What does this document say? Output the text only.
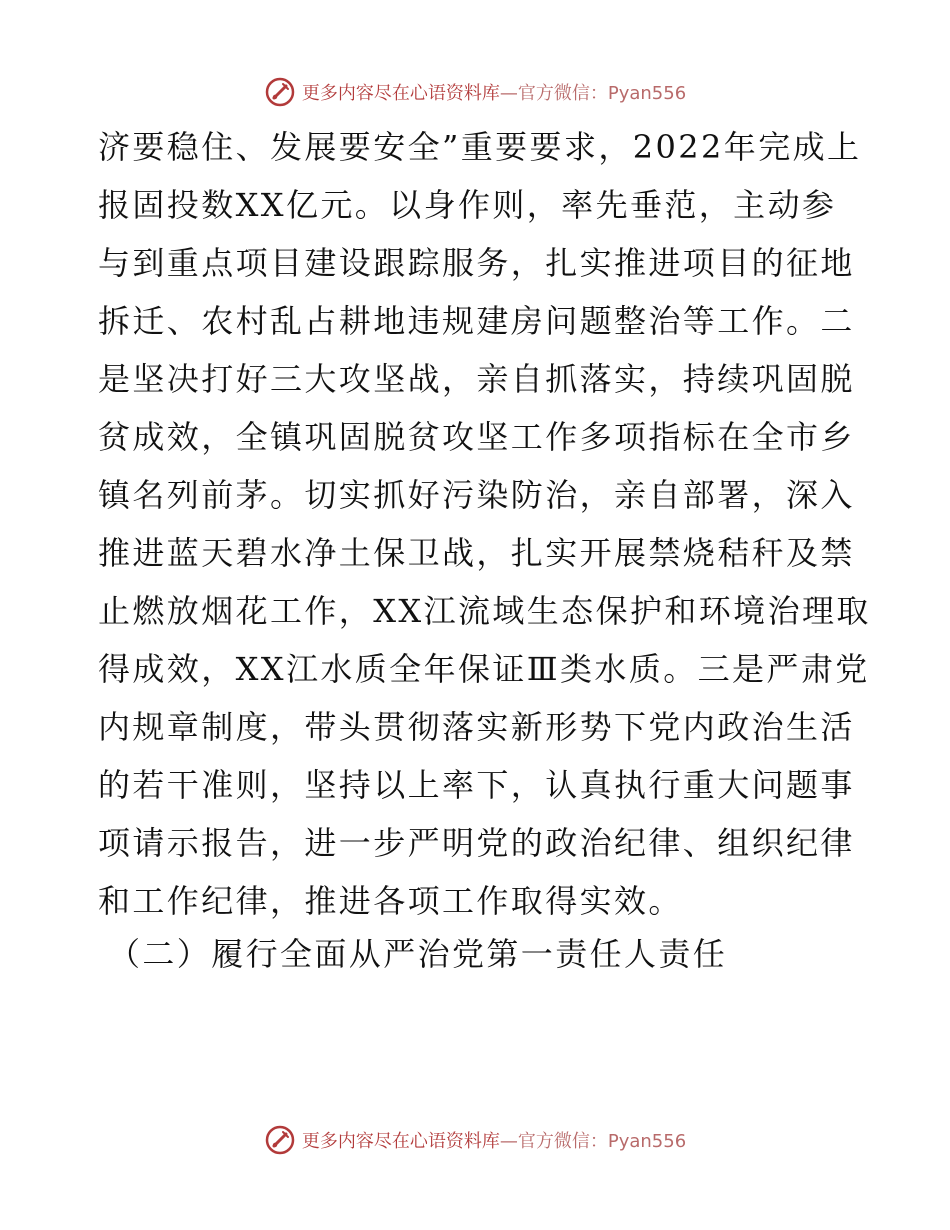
更多内容尽在心语资料库—官方微信：Pyan556
济要稳住、发展要安全”重要要求，2022年完成上
报固投数XX亿元。以身作则，率先垂范，主动参
与到重点项目建设跟踪服务，扎实推进项目的征地
拆迁、农村乱占耕地违规建房问题整治等工作。二
是坚决打好三大攻坚战，亲自抓落实，持续巩固脱
贫成效，全镇巩固脱贫攻坚工作多项指标在全市乡
镇名列前茅。切实抓好污染防治，亲自部署，深入
推进蓝天碧水净土保卫战，扎实开展禁烧秸秆及禁
止燃放烟花工作，XX江流域生态保护和环境治理取
得成效，XX江水质全年保证Ⅲ类水质。三是严肃党
内规章制度，带头贯彻落实新形势下党内政治生活
的若干准则，坚持以上率下，认真执行重大问题事
项请示报告，进一步严明党的政治纪律、组织纪律
和工作纪律，推进各项工作取得实效。
（二）履行全面从严治党第一责任人责任
更多内容尽在心语资料库—官方微信：Pyan556
